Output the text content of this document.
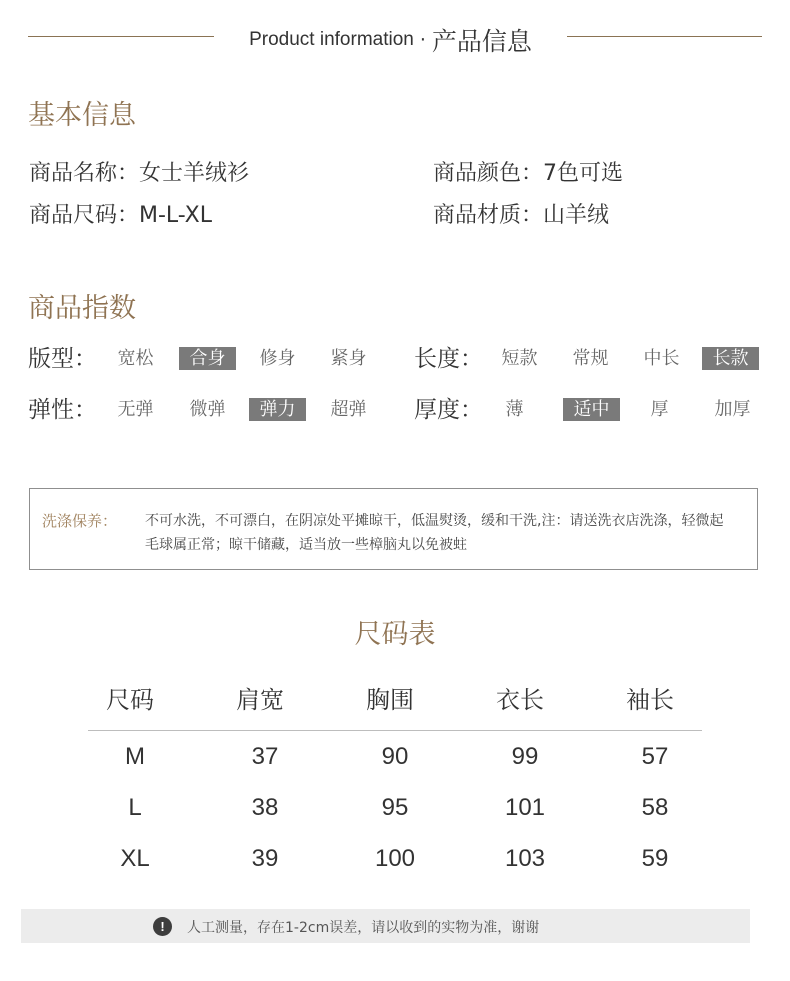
Product information · 产品信息
基本信息
商品名称：女士羊绒衫	商品颜色：7色可选
商品尺码：M-L-XL	商品材质：山羊绒
商品指数
版型：	宽松	合身	修身	紧身	长度：	短款	常规	中长	长款
弹性：	无弹	微弹	弹力	超弹	厚度：	薄	适中	厚	加厚
洗涤保养： 不可水洗，不可漂白，在阴凉处平摊晾干，低温熨烫，缓和干洗,注：请送洗衣店洗涤，轻微起毛球属正常；晾干储藏，适当放一些樟脑丸以免被蛀
尺码表
尺码	肩宽	胸围	衣长	袖长
M	37	90	99	57
L	38	95	101	58
XL	39	100	103	59
!	人工测量，存在1-2cm误差，请以收到的实物为准，谢谢
